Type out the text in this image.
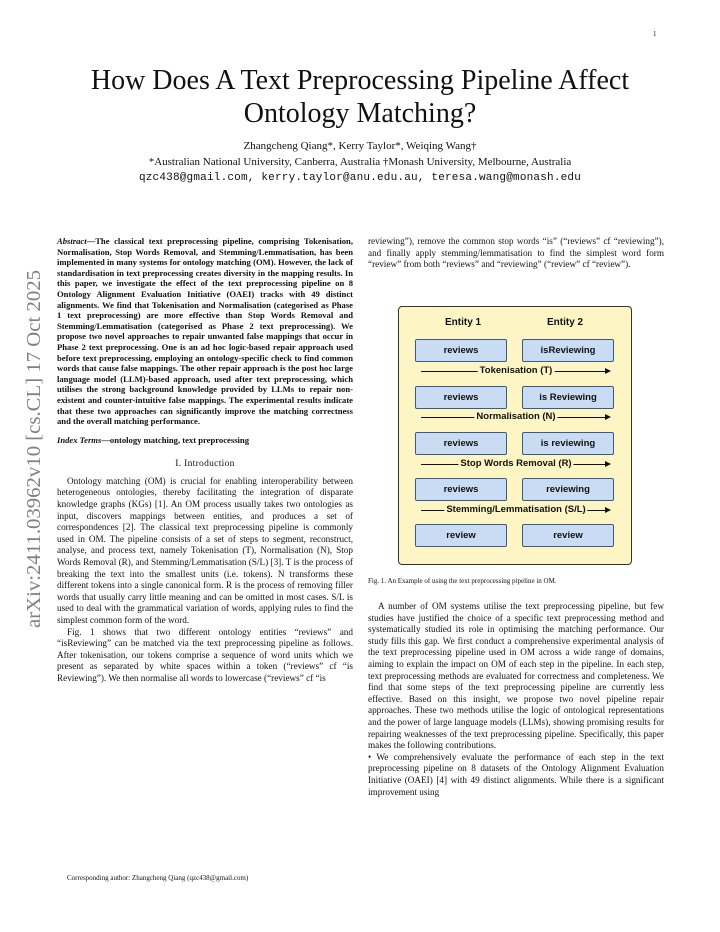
1
arXiv:2411.03962v10 [cs.CL] 17 Oct 2025
How Does A Text Preprocessing Pipeline Affect Ontology Matching?
Zhangcheng Qiang*, Kerry Taylor*, Weiqing Wang†
*Australian National University, Canberra, Australia †Monash University, Melbourne, Australia
qzc438@gmail.com, kerry.taylor@anu.edu.au, teresa.wang@monash.edu
Abstract—The classical text preprocessing pipeline, comprising Tokenisation, Normalisation, Stop Words Removal, and Stemming/Lemmatisation, has been implemented in many systems for ontology matching (OM). However, the lack of standardisation in text preprocessing creates diversity in the mapping results. In this paper, we investigate the effect of the text preprocessing pipeline on 8 Ontology Alignment Evaluation Initiative (OAEI) tracks with 49 distinct alignments. We find that Tokenisation and Normalisation (categorised as Phase 1 text preprocessing) are more effective than Stop Words Removal and Stemming/Lemmatisation (categorised as Phase 2 text preprocessing). We propose two novel approaches to repair unwanted false mappings that occur in Phase 2 text preprocessing. One is an ad hoc logic-based repair approach used before text preprocessing, employing an ontology-specific check to find common words that cause false mappings. The other repair approach is the post hoc large language model (LLM)-based approach, used after text preprocessing, which utilises the strong background knowledge provided by LLMs to repair non-existent and counter-intuitive false mappings. The experimental results indicate that these two approaches can significantly improve the matching correctness and the overall matching performance.
Index Terms—ontology matching, text preprocessing
I. Introduction

Ontology matching (OM) is crucial for enabling interoperability between heterogeneous ontologies, thereby facilitating the integration of disparate knowledge graphs (KGs) [1]. An OM process usually takes two ontologies as input, discovers mappings between entities, and produces a set of correspondences [2]. The classical text preprocessing pipeline is commonly used in OM. The pipeline consists of a set of steps to segment, reconstruct, analyse, and process text, namely Tokenisation (T), Normalisation (N), Stop Words Removal (R), and Stemming/Lemmatisation (S/L) [3]. T is the process of breaking the text into the smallest units (i.e. tokens). N transforms these different tokens into a single canonical form. R is the process of removing filler words that usually carry little meaning and can be omitted in most cases. S/L is used to deal with the grammatical variation of words, applying rules to find the simplest common form of the word.

Fig. 1 shows that two different ontology entities “reviews” and “isReviewing” can be matched via the text preprocessing pipeline as follows. After tokenisation, our tokens comprise a sequence of word units which we present as separated by white spaces within a token (“reviews” cf “is Reviewing”). We then normalise all words to lowercase (“reviews” cf “is

Corresponding author: Zhangcheng Qiang (qzc438@gmail.com)

reviewing”), remove the common stop words “is” (“reviews” cf “reviewing”), and finally apply stemming/lemmatisation to find the simplest word form “review” from both “reviews” and “reviewing” (“review” cf “review”).

Entity 1	Entity 2
reviews	isReviewing
Tokenisation (T)
reviews	is Reviewing
Normalisation (N)
reviews	is reviewing
Stop Words Removal (R)
reviews	reviewing
Stemming/Lemmatisation (S/L)
review	review
Fig. 1. An Example of using the text preprocessing pipeline in OM.

A number of OM systems utilise the text preprocessing pipeline, but few studies have justified the choice of a specific text preprocessing method and systematically studied its role in optimising the matching performance. Our study fills this gap. We first conduct a comprehensive experimental analysis of the text preprocessing pipeline used in OM across a wide range of domains, aiming to explain the impact on OM of each step in the pipeline. In each step, text preprocessing methods are evaluated for correctness and completeness. We find that some steps of the text preprocessing pipeline are currently less effective. Based on this insight, we propose two novel pipeline repair approaches. These two methods utilise the logic of ontological representations and the power of large language models (LLMs), showing promising results for repairing weaknesses of the text preprocessing pipeline. Specifically, this paper makes the following contributions.

• We comprehensively evaluate the performance of each step in the text preprocessing pipeline on 8 datasets of the Ontology Alignment Evaluation Initiative (OAEI) [4] with 49 distinct alignments. While there is a significant improvement using
